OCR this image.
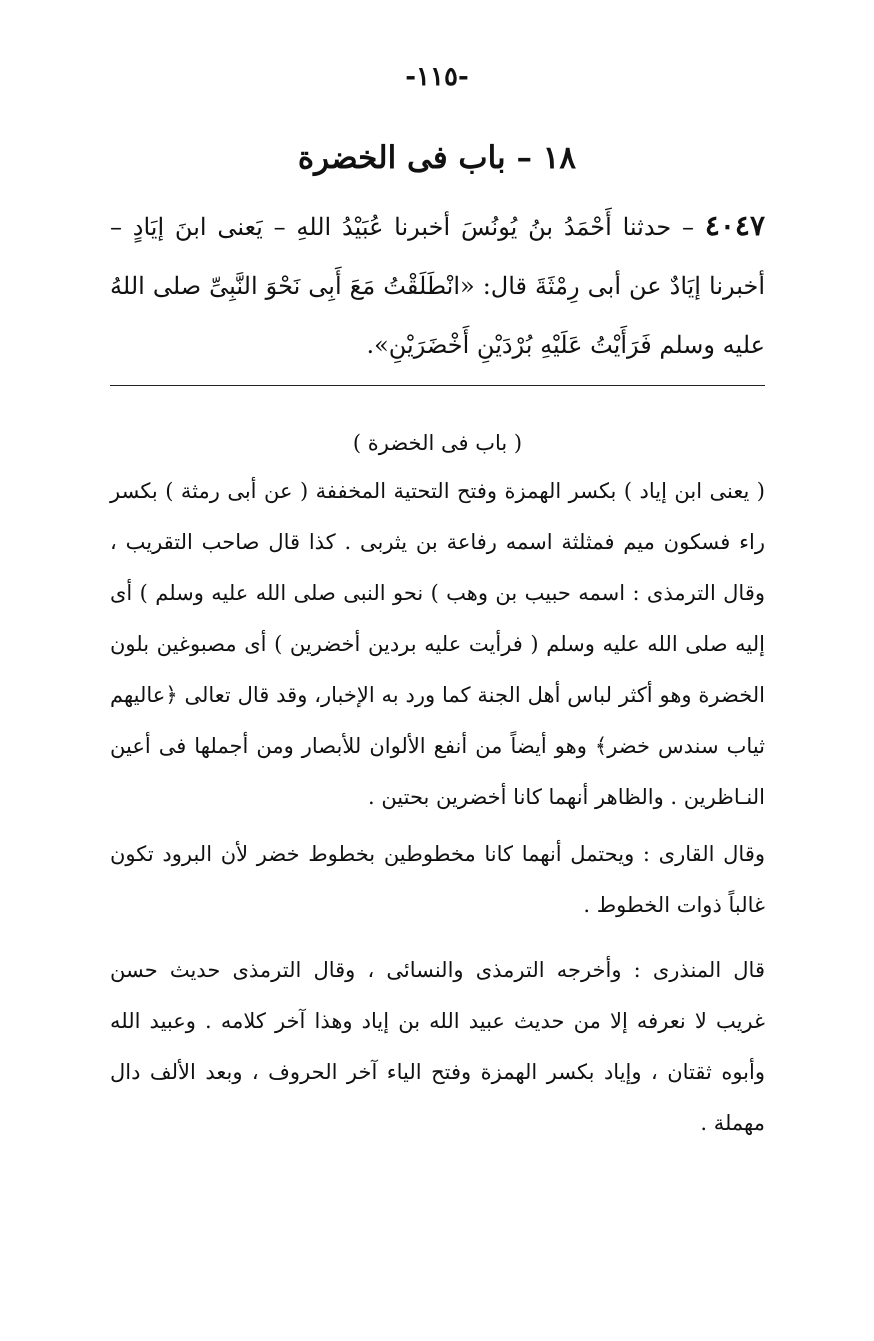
-١١٥-
١٨ – باب فى الخضرة
٤٠٤٧ – حدثنا أَحْمَدُ بنُ يُونُسَ أخبرنا عُبَيْدُ اللهِ – يَعنى ابنَ إيَادٍ – أخبرنا إيَادٌ عن أبى رِمْثَةَ قال: «انْطَلَقْتُ مَعَ أَبِى نَحْوَ النَّبِىِّ صلى اللهُ عليه وسلم فَرَأَيْتُ عَلَيْهِ بُرْدَيْنِ أَخْضَرَيْنِ».

( باب فى الخضرة )

( يعنى ابن إياد ) بكسر الهمزة وفتح التحتية المخففة ( عن أبى رمثة ) بكسر راء فسكون ميم فمثلثة اسمه رفاعة بن يثربى . كذا قال صاحب التقريب ، وقال الترمذى : اسمه حبيب بن وهب ) نحو النبى صلى الله عليه وسلم ) أى إليه صلى الله عليه وسلم ( فرأيت عليه بردين أخضرين ) أى مصبوغين بلون الخضرة وهو أكثر لباس أهل الجنة كما ورد به الإخبار، وقد قال تعالى ﴿عاليهم ثياب سندس خضر﴾ وهو أيضاً من أنفع الألوان للأبصار ومن أجملها فى أعين النـاظرين . والظاهر أنهما كانا أخضرين بحتين .

وقال القارى : ويحتمل أنهما كانا مخطوطين بخطوط خضر لأن البرود تكون غالباً ذوات الخطوط .

قال المنذرى : وأخرجه الترمذى والنسائى ، وقال الترمذى حديث حسن غريب لا نعرفه إلا من حديث عبيد الله بن إياد وهذا آخر كلامه . وعبيد الله وأبوه ثقتان ، وإياد بكسر الهمزة وفتح الياء آخر الحروف ، وبعد الألف دال مهملة .
